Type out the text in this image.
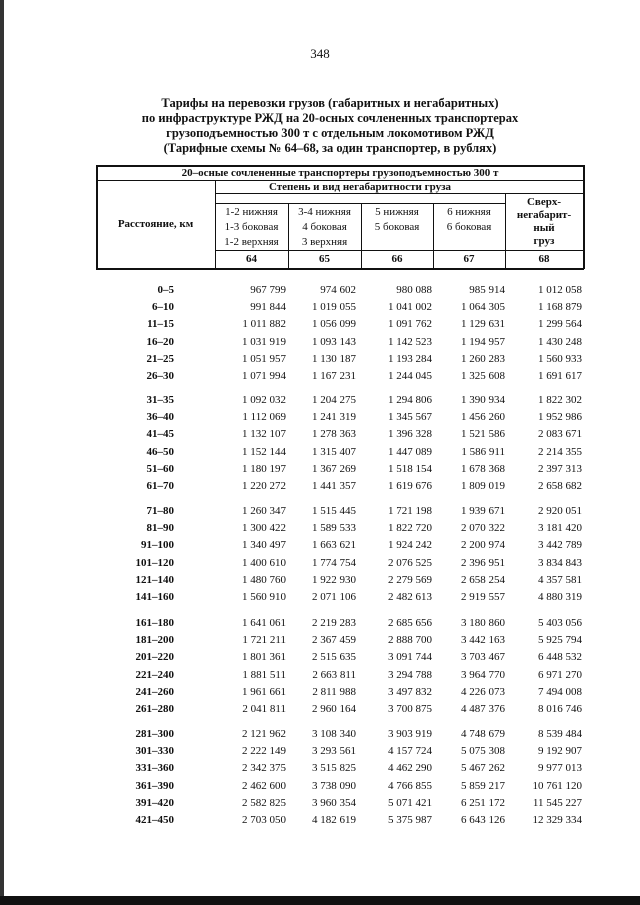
348
Тарифы на перевозки грузов (габаритных и негабаритных)
по инфраструктуре РЖД на 20-осных сочлененных транспортерах
грузоподъемностью 300 т с отдельным локомотивом РЖД
(Тарифные схемы № 64–68, за один транспортер, в рублях)
20–осные сочлененные транспортеры грузоподъемностью 300 т
Степень и вид негабаритности груза
Расстояние, км
1-2 нижняя
1-3 боковая
1-2 верхняя
3-4 нижняя
4 боковая
3 верхняя
5 нижняя
5 боковая
6 нижняя
6 боковая
Сверх-
негабарит-
ный
груз
64	65	66	67	68
0–5	967 799	974 602	980 088	985 914	1 012 058
6–10	991 844	1 019 055	1 041 002	1 064 305	1 168 879
11–15	1 011 882	1 056 099	1 091 762	1 129 631	1 299 564
16–20	1 031 919	1 093 143	1 142 523	1 194 957	1 430 248
21–25	1 051 957	1 130 187	1 193 284	1 260 283	1 560 933
26–30	1 071 994	1 167 231	1 244 045	1 325 608	1 691 617
31–35	1 092 032	1 204 275	1 294 806	1 390 934	1 822 302
36–40	1 112 069	1 241 319	1 345 567	1 456 260	1 952 986
41–45	1 132 107	1 278 363	1 396 328	1 521 586	2 083 671
46–50	1 152 144	1 315 407	1 447 089	1 586 911	2 214 355
51–60	1 180 197	1 367 269	1 518 154	1 678 368	2 397 313
61–70	1 220 272	1 441 357	1 619 676	1 809 019	2 658 682
71–80	1 260 347	1 515 445	1 721 198	1 939 671	2 920 051
81–90	1 300 422	1 589 533	1 822 720	2 070 322	3 181 420
91–100	1 340 497	1 663 621	1 924 242	2 200 974	3 442 789
101–120	1 400 610	1 774 754	2 076 525	2 396 951	3 834 843
121–140	1 480 760	1 922 930	2 279 569	2 658 254	4 357 581
141–160	1 560 910	2 071 106	2 482 613	2 919 557	4 880 319
161–180	1 641 061	2 219 283	2 685 656	3 180 860	5 403 056
181–200	1 721 211	2 367 459	2 888 700	3 442 163	5 925 794
201–220	1 801 361	2 515 635	3 091 744	3 703 467	6 448 532
221–240	1 881 511	2 663 811	3 294 788	3 964 770	6 971 270
241–260	1 961 661	2 811 988	3 497 832	4 226 073	7 494 008
261–280	2 041 811	2 960 164	3 700 875	4 487 376	8 016 746
281–300	2 121 962	3 108 340	3 903 919	4 748 679	8 539 484
301–330	2 222 149	3 293 561	4 157 724	5 075 308	9 192 907
331–360	2 342 375	3 515 825	4 462 290	5 467 262	9 977 013
361–390	2 462 600	3 738 090	4 766 855	5 859 217	10 761 120
391–420	2 582 825	3 960 354	5 071 421	6 251 172	11 545 227
421–450	2 703 050	4 182 619	5 375 987	6 643 126	12 329 334
